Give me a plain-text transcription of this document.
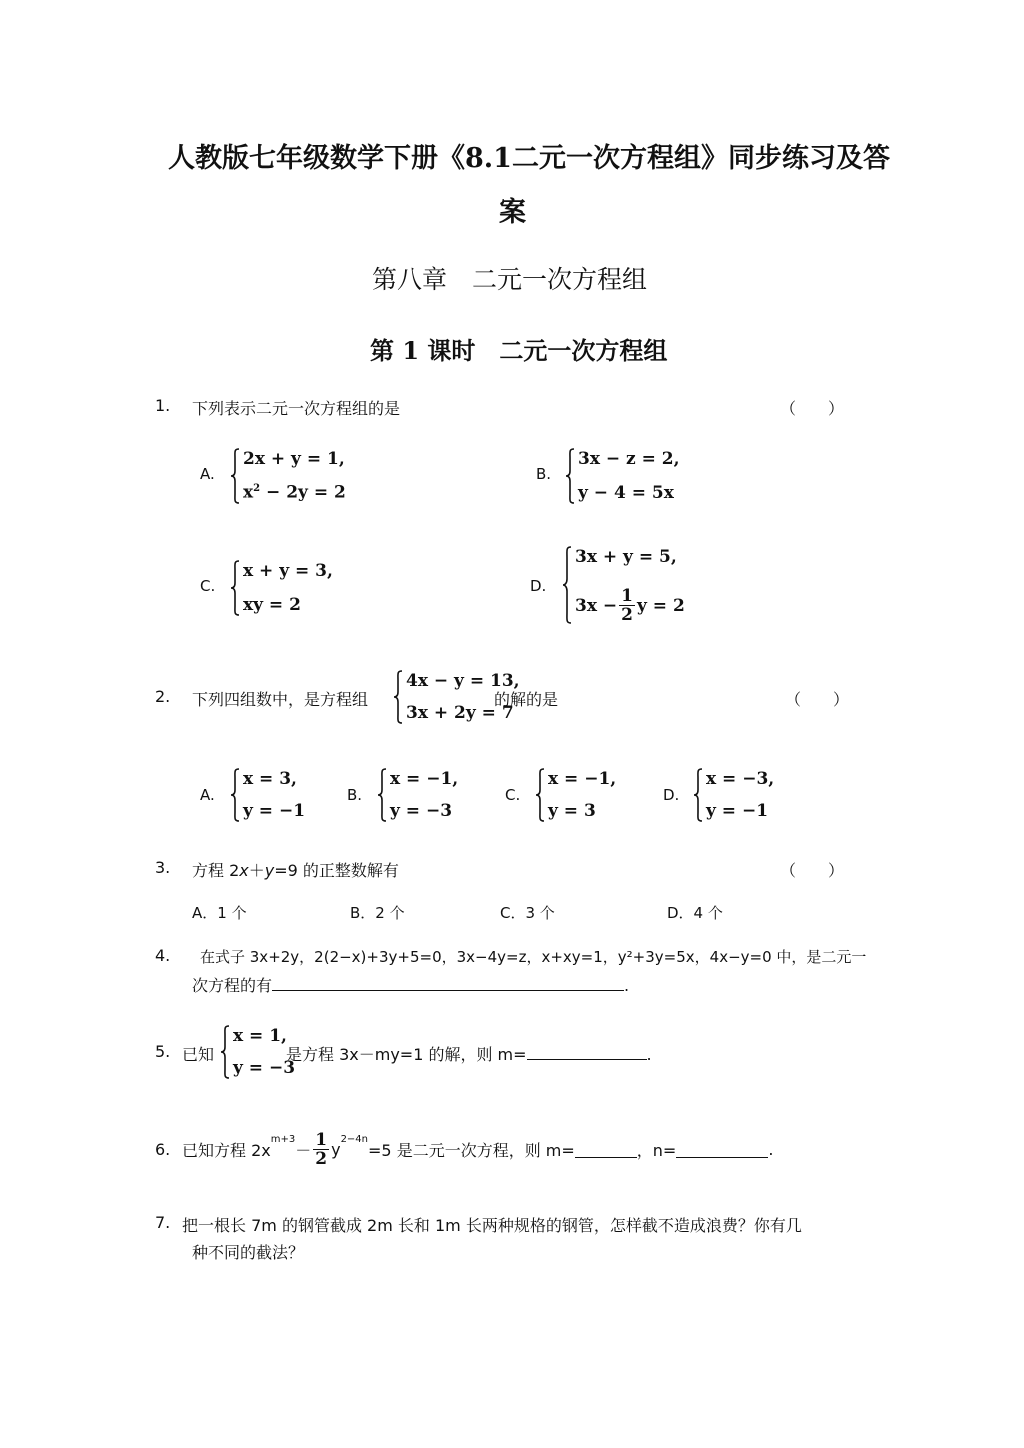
人教版七年级数学下册《8.1二元一次方程组》同步练习及答
案
第八章　二元一次方程组
第 1 课时　二元一次方程组
1. 下列表示二元一次方程组的是	（　　）
A.
2x + y = 1,
$x^2 - 2y = 2$
B.
3x − z = 2,
y − 4 = 5x
C.
x + y = 3,
xy = 2
D.
3x + y = 5,
$3x - \frac{1}{2}$ y = 2
2. 下列四组数中，是方程组
4x − y = 13,
3x + 2y = 7
的解的是	（　　）
A.
x = 3,
y = −1
B.
x = −1,
y = −3
C.
x = −1,
y = 3
D.
x = −3,
y = −1
3. 方程 2x＋y=9 的正整数解有	（　　）
A．1 个	B．2 个	C．3 个	D．4 个
4. 在式子 3x+2y，2(2−x)+3y+5=0，3x−4y=z，x+xy=1，y²+3y=5x，4x−y=0 中，是二元一
次方程的有	.
5. 已知
x = 1,
y = −3
是方程 3x－my=1 的解，则 m=	.
6. 已知方程 2x
$^{m+3}$
－ $\frac{1}{2} y^{2-4n}$
=5 是二元一次方程，则 m=	，n=	.
7. 把一根长 7m 的钢管截成 2m 长和 1m 长两种规格的钢管，怎样截不造成浪费？你有几
种不同的截法？
